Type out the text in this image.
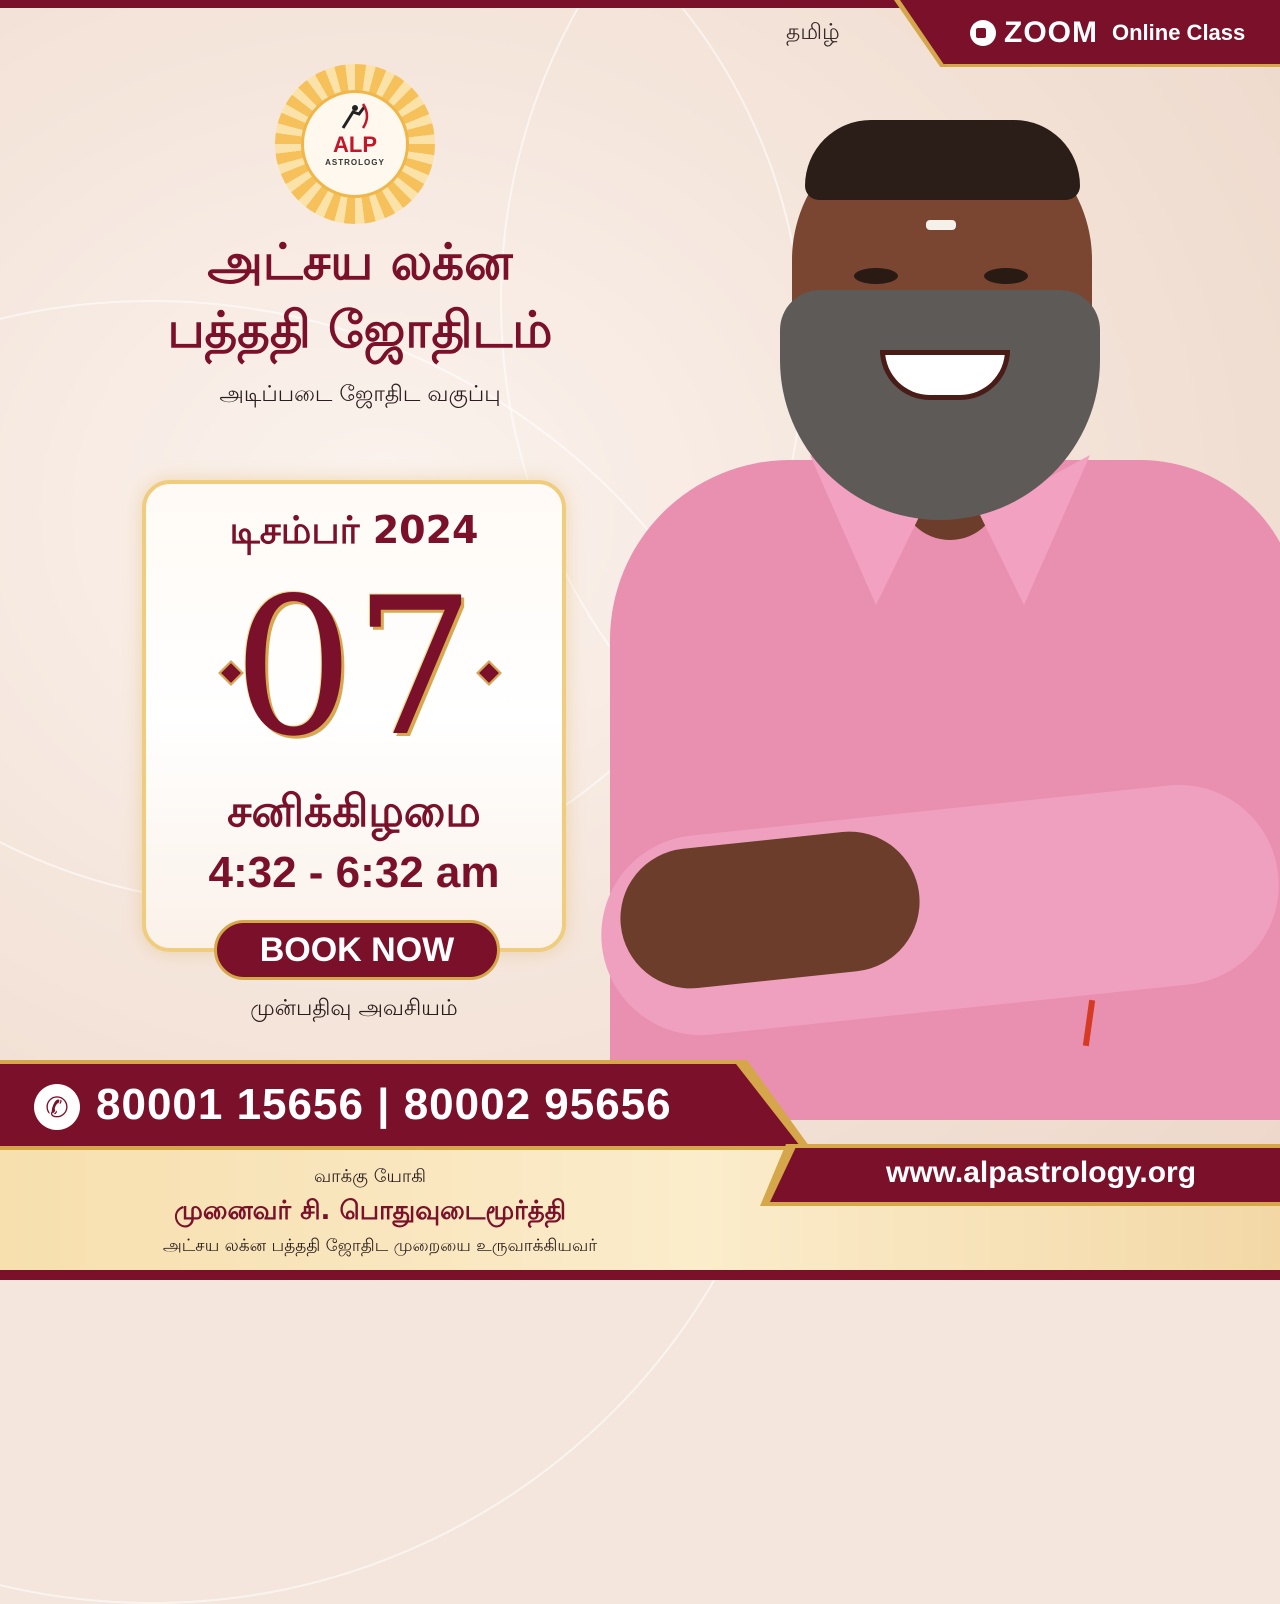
ZOOM Online Class
தமிழ்
ALP
ASTROLOGY
அட்சய லக்ன
பத்ததி ஜோதிடம்
அடிப்படை ஜோதிட வகுப்பு
டிசம்பர் 2024
07
சனிக்கிழமை
4:32 - 6:32 am
BOOK NOW
முன்பதிவு அவசியம்
✆ 80001 15656 | 80002 95656
www.alpastrology.org
வாக்கு யோகி
முனைவர் சி. பொதுவுடைமூர்த்தி
அட்சய லக்ன பத்ததி ஜோதிட முறையை உருவாக்கியவர்
